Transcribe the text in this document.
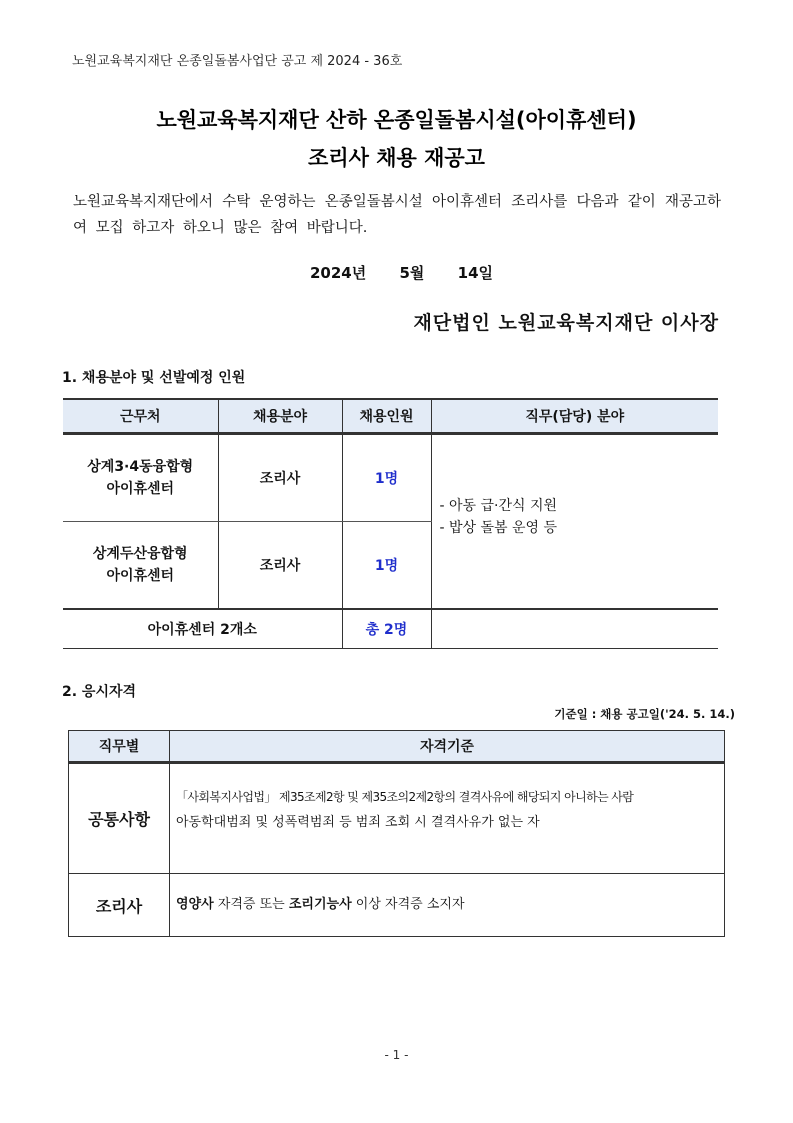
노원교육복지재단 온종일돌봄사업단 공고 제 2024 - 36호
노원교육복지재단 산하 온종일돌봄시설(아이휴센터)
조리사 채용 재공고
노원교육복지재단에서 수탁 운영하는 온종일돌봄시설 아이휴센터 조리사를 다음과 같이 재공고하여 모집 하고자 하오니 많은 참여 바랍니다.
2024년 5월 14일
재단법인 노원교육복지재단 이사장
1. 채용분야 및 선발예정 인원
근무처	채용분야	채용인원	직무(담당) 분야

상계3·4동융합형
아이휴센터
	조리사	1명	
- 아동 급·간식 지원
- 밥상 돌봄 운영 등

상계두산융합형
아이휴센터	조리사	1명	
아이휴센터 2개소		총 2명	
2. 응시자격
기준일 : 채용 공고일('24. 5. 14.)
직무별	자격기준
공통사항	「사회복지사업법」 제35조제2항 및 제35조의2제2항의 결격사유에 해당되지 아니하는 사람
아동학대범죄 및 성폭력범죄 등 범죄 조회 시 결격사유가 없는 자

조리사	영양사 자격증 또는 조리기능사 이상 자격증 소지자
- 1 -
